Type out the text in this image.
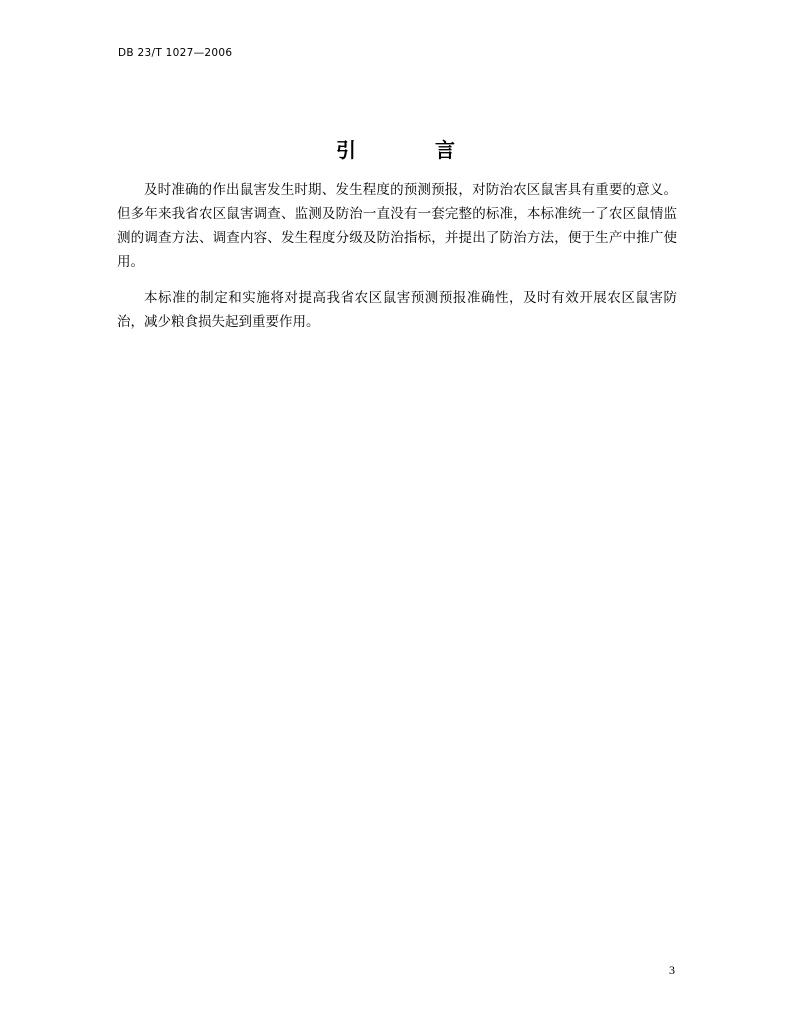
DB 23/T 1027—2006
引 言

及时准确的作出鼠害发生时期、发生程度的预测预报，对防治农区鼠害具有重要的意义。但多年来我省农区鼠害调查、监测及防治一直没有一套完整的标准，本标准统一了农区鼠情监测的调查方法、调查内容、发生程度分级及防治指标，并提出了防治方法，便于生产中推广使用。

本标准的制定和实施将对提高我省农区鼠害预测预报准确性，及时有效开展农区鼠害防治，减少粮食损失起到重要作用。

3
